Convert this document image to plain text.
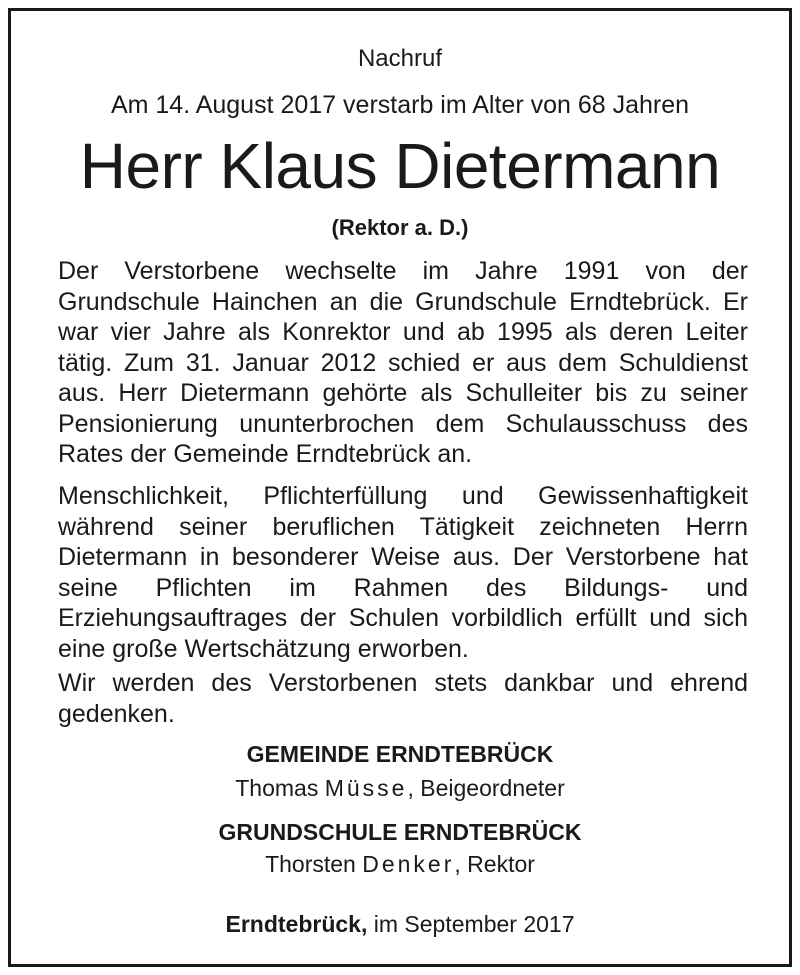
Nachruf
Am 14. August 2017 verstarb im Alter von 68 Jahren
Herr Klaus Dietermann
(Rektor a. D.)
Der Verstorbene wechselte im Jahre 1991 von der Grundschule Hainchen an die Grundschule Erndtebrück. Er war vier Jahre als Konrektor und ab 1995 als deren Leiter tätig. Zum 31. Januar 2012 schied er aus dem Schuldienst aus. Herr Dietermann gehörte als Schulleiter bis zu seiner Pensionierung ununterbrochen dem Schulausschuss des Rates der Gemeinde Erndtebrück an.
Menschlichkeit, Pflichterfüllung und Gewissenhaftigkeit während seiner beruflichen Tätigkeit zeichneten Herrn Dietermann in besonderer Weise aus. Der Verstorbene hat seine Pflichten im Rahmen des Bildungs- und Erziehungsauftrages der Schulen vorbildlich erfüllt und sich eine große Wertschätzung erworben.
Wir werden des Verstorbenen stets dankbar und ehrend gedenken.
GEMEINDE ERNDTEBRÜCK
Thomas Müsse, Beigeordneter
GRUNDSCHULE ERNDTEBRÜCK
Thorsten Denker, Rektor
Erndtebrück, im September 2017
